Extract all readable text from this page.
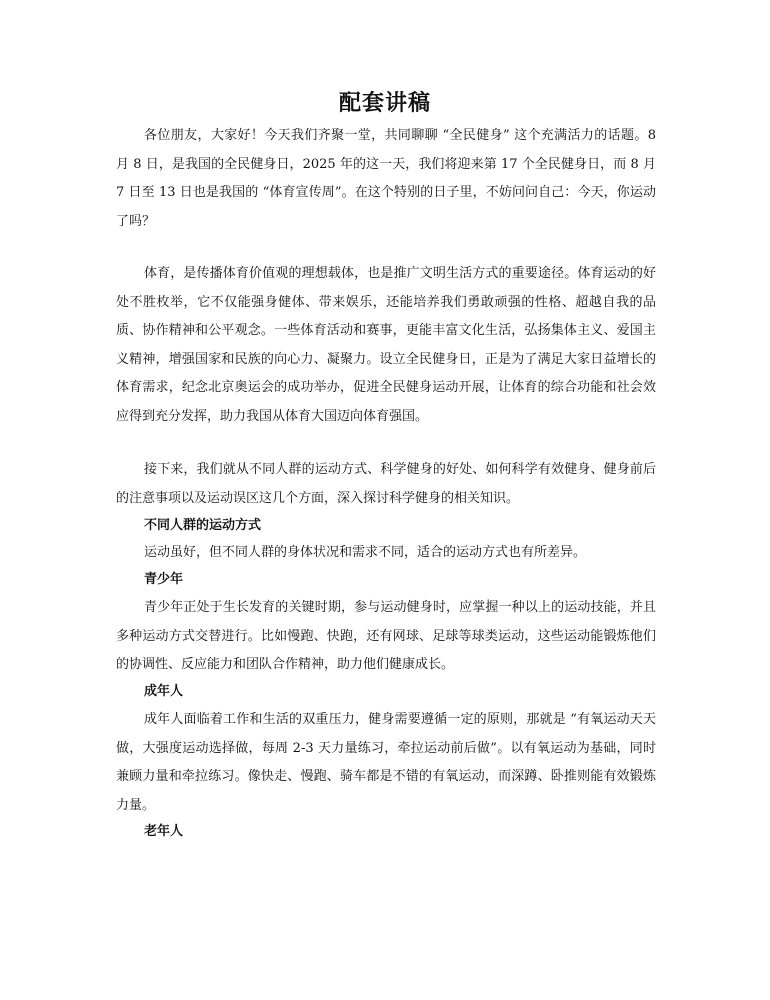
配套讲稿

各位朋友，大家好！今天我们齐聚一堂，共同聊聊 “全民健身” 这个充满活力的话题。8 月 8 日，是我国的全民健身日，2025 年的这一天，我们将迎来第 17 个全民健身日，而 8 月 7 日至 13 日也是我国的 “体育宣传周”。在这个特别的日子里，不妨问问自己：今天，你运动了吗？

体育，是传播体育价值观的理想载体，也是推广文明生活方式的重要途径。体育运动的好处不胜枚举，它不仅能强身健体、带来娱乐，还能培养我们勇敢顽强的性格、超越自我的品质、协作精神和公平观念。一些体育活动和赛事，更能丰富文化生活，弘扬集体主义、爱国主义精神，增强国家和民族的向心力、凝聚力。设立全民健身日，正是为了满足大家日益增长的体育需求，纪念北京奥运会的成功举办，促进全民健身运动开展，让体育的综合功能和社会效应得到充分发挥，助力我国从体育大国迈向体育强国。

接下来，我们就从不同人群的运动方式、科学健身的好处、如何科学有效健身、健身前后的注意事项以及运动误区这几个方面，深入探讨科学健身的相关知识。

不同人群的运动方式

运动虽好，但不同人群的身体状况和需求不同，适合的运动方式也有所差异。

青少年

青少年正处于生长发育的关键时期，参与运动健身时，应掌握一种以上的运动技能，并且多种运动方式交替进行。比如慢跑、快跑，还有网球、足球等球类运动，这些运动能锻炼他们的协调性、反应能力和团队合作精神，助力他们健康成长。

成年人

成年人面临着工作和生活的双重压力，健身需要遵循一定的原则，那就是 “有氧运动天天做，大强度运动选择做，每周 2-3 天力量练习，牵拉运动前后做”。以有氧运动为基础，同时兼顾力量和牵拉练习。像快走、慢跑、骑车都是不错的有氧运动，而深蹲、卧推则能有效锻炼力量。

老年人
